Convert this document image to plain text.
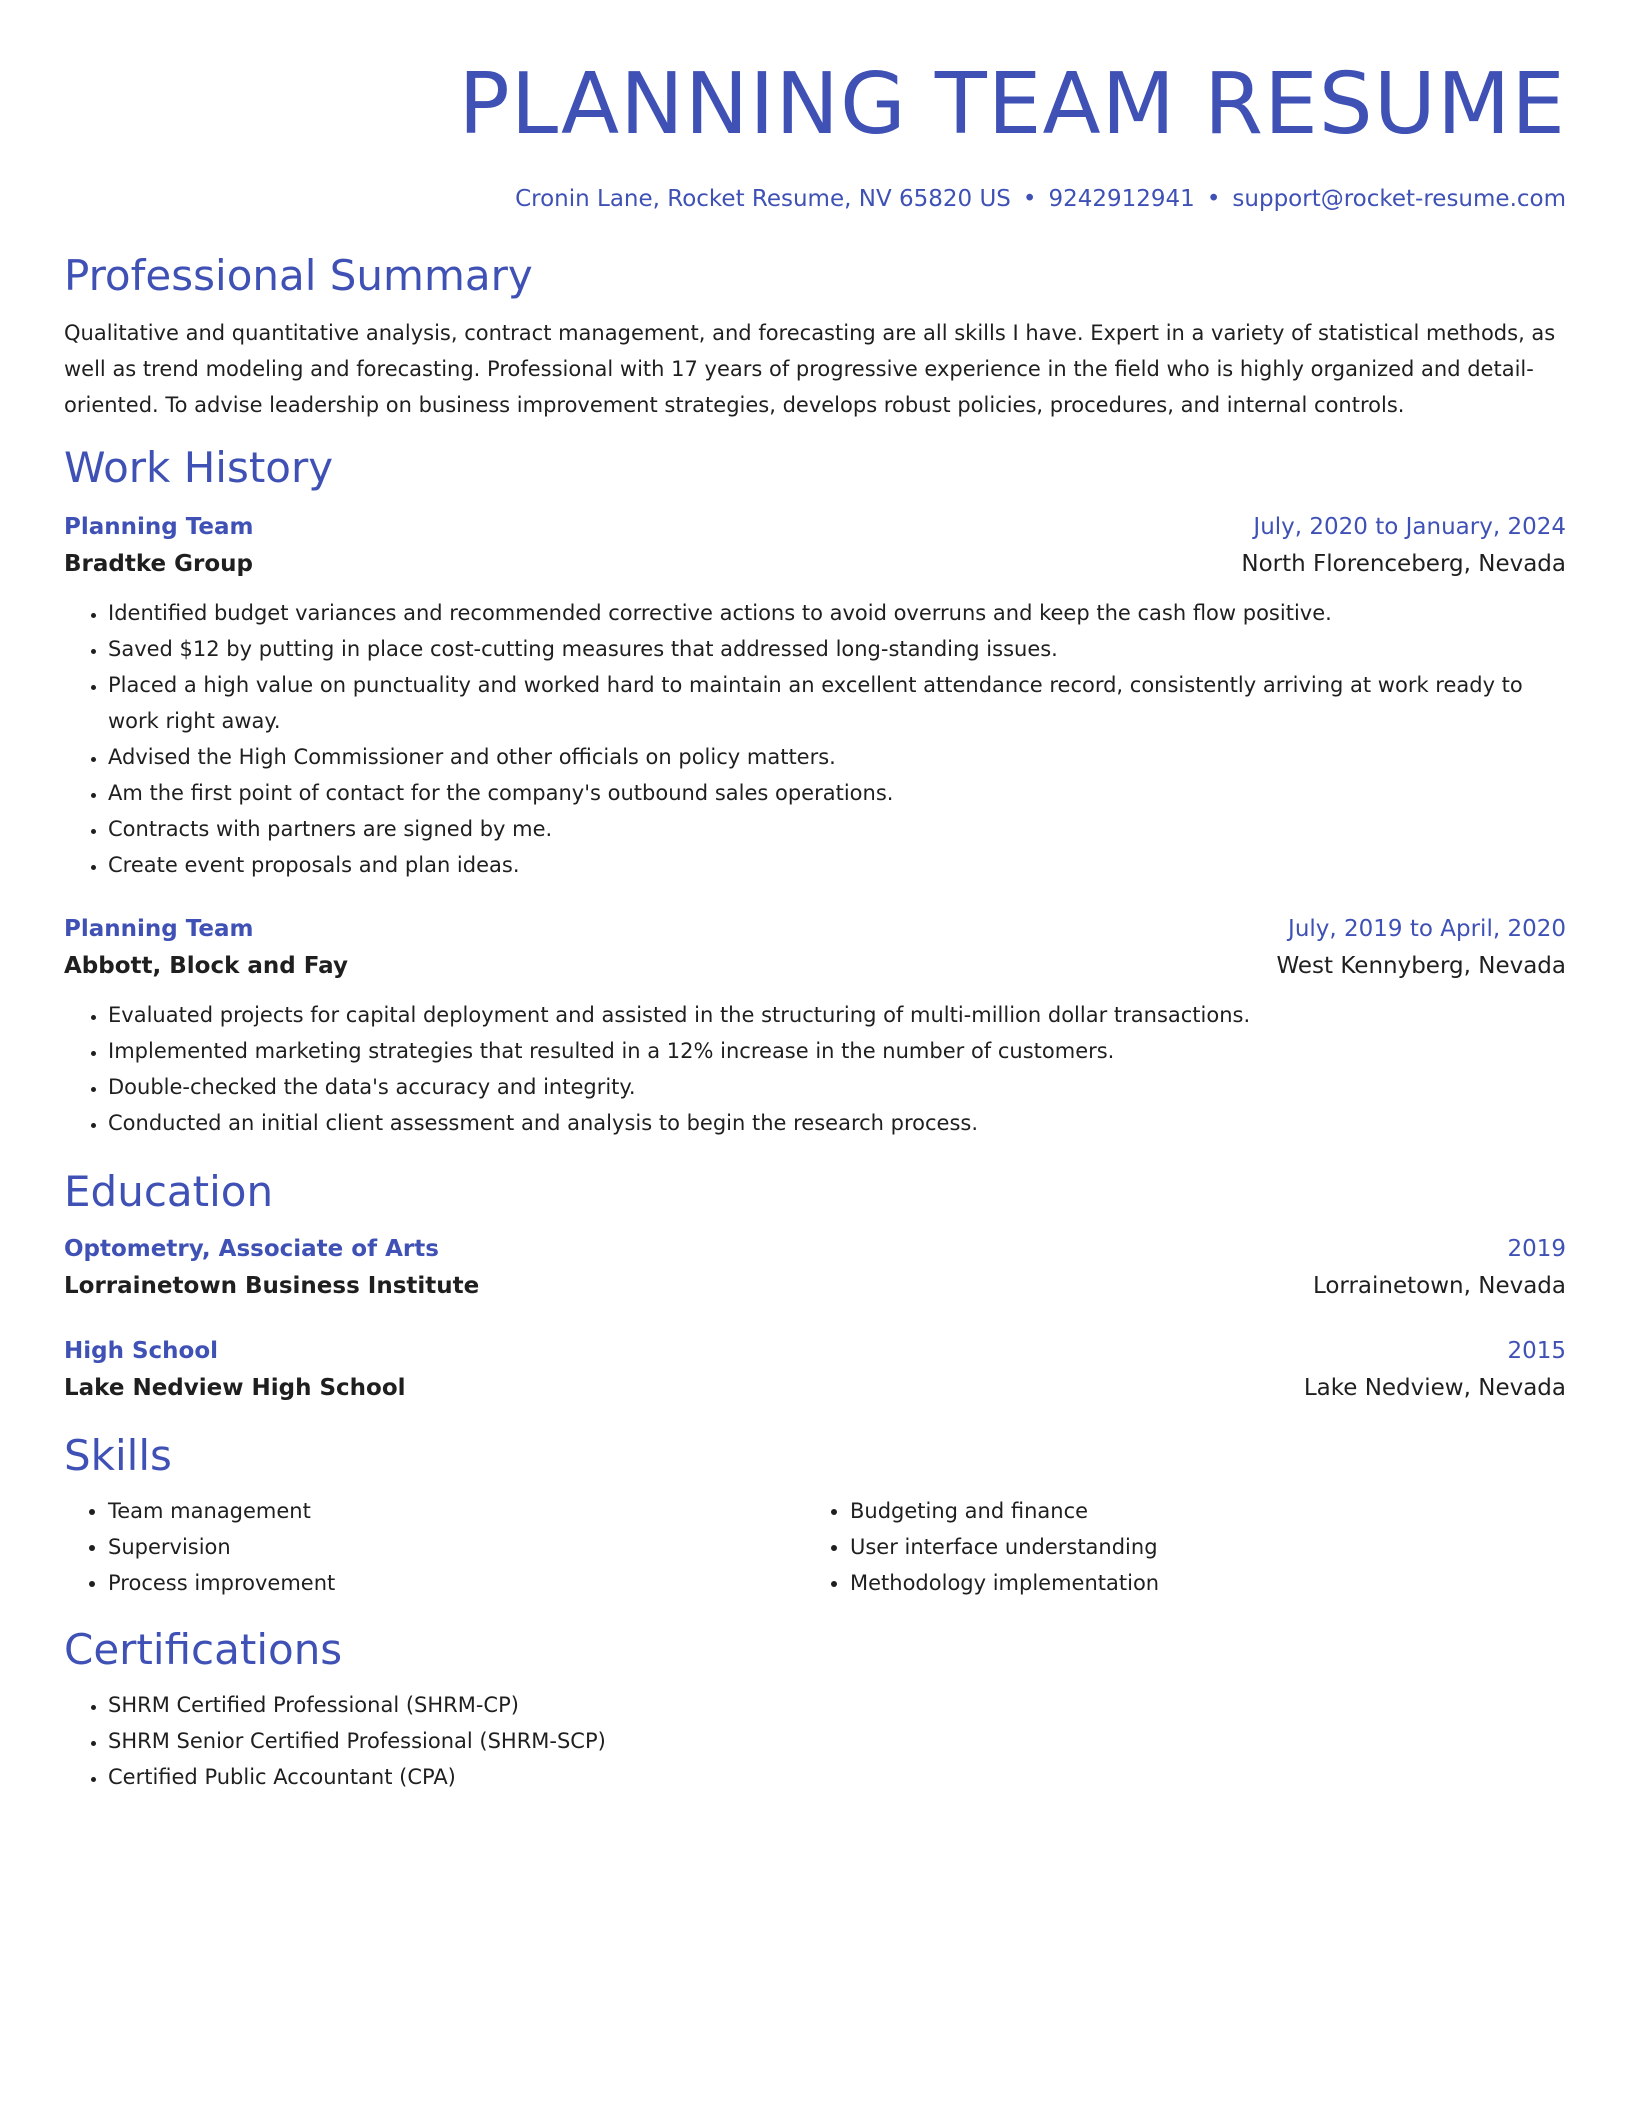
PLANNING TEAM RESUME
Cronin Lane, Rocket Resume, NV 65820 US • 9242912941 • support@rocket-resume.com
Professional Summary

Qualitative and quantitative analysis, contract management, and forecasting are all skills I have. Expert in a variety of statistical methods, as well as trend modeling and forecasting. Professional with 17 years of progressive experience in the field who is highly organized and detail-oriented. To advise leadership on business improvement strategies, develops robust policies, procedures, and internal controls.

Work History
Planning Team	July, 2020 to January, 2024
Bradtke Group	North Florenceberg, Nevada
• Identified budget variances and recommended corrective actions to avoid overruns and keep the cash flow positive.
• Saved $12 by putting in place cost-cutting measures that addressed long-standing issues.
• Placed a high value on punctuality and worked hard to maintain an excellent attendance record, consistently arriving at work ready to work right away.
• Advised the High Commissioner and other officials on policy matters.
• Am the first point of contact for the company's outbound sales operations.
• Contracts with partners are signed by me.
• Create event proposals and plan ideas.
Planning Team	July, 2019 to April, 2020
Abbott, Block and Fay	West Kennyberg, Nevada
• Evaluated projects for capital deployment and assisted in the structuring of multi-million dollar transactions.
• Implemented marketing strategies that resulted in a 12% increase in the number of customers.
• Double-checked the data's accuracy and integrity.
• Conducted an initial client assessment and analysis to begin the research process.
Education
Optometry, Associate of Arts	2019
Lorrainetown Business Institute	Lorrainetown, Nevada
High School	2015
Lake Nedview High School	Lake Nedview, Nevada
Skills
• Team management
• Supervision
• Process improvement
• Budgeting and finance
• User interface understanding
• Methodology implementation
Certifications
• SHRM Certified Professional (SHRM-CP)
• SHRM Senior Certified Professional (SHRM-SCP)
• Certified Public Accountant (CPA)
